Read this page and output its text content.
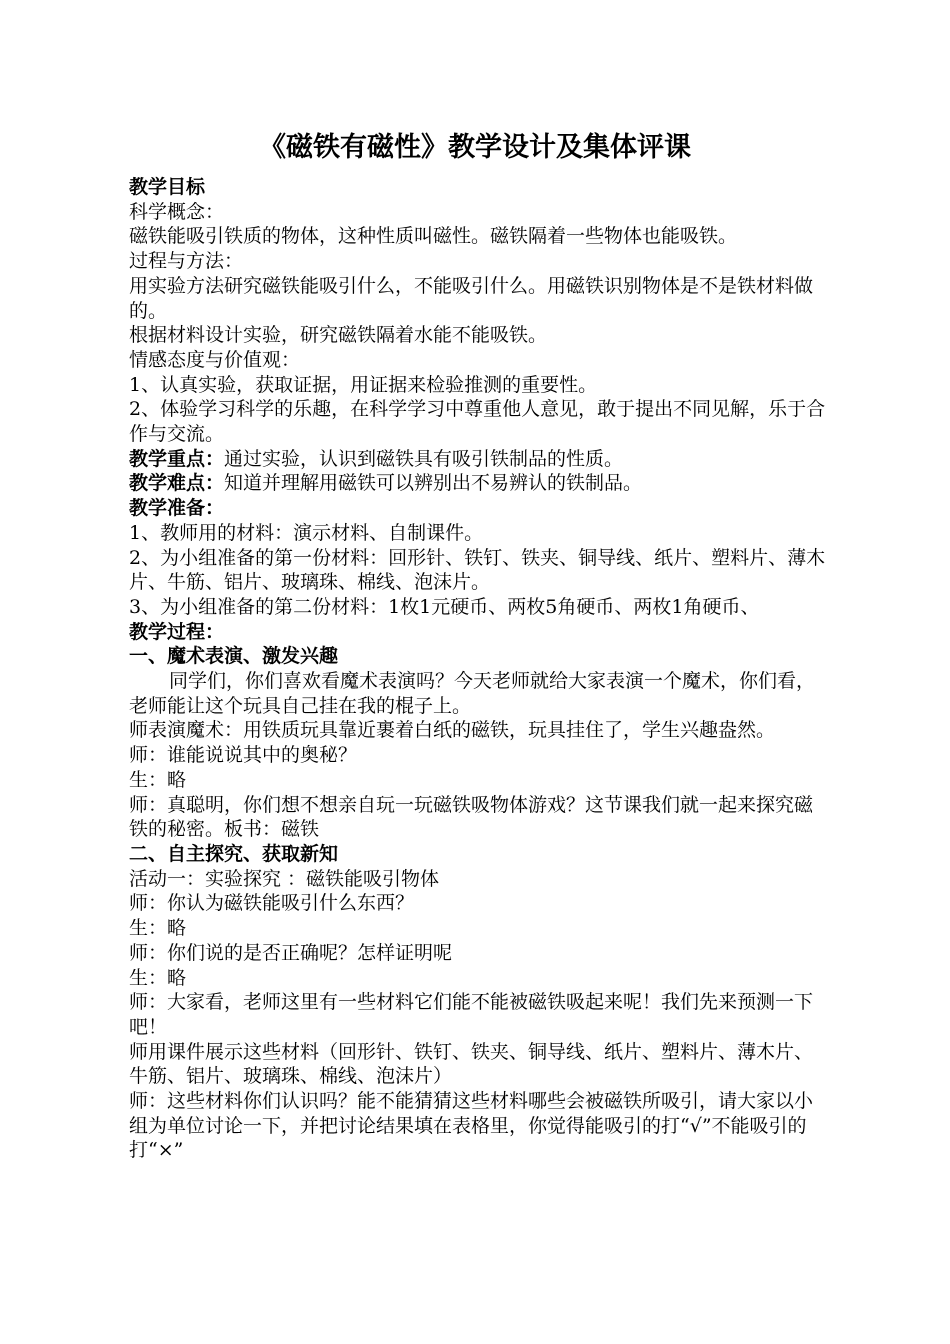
《磁铁有磁性》教学设计及集体评课

教学目标

科学概念：

磁铁能吸引铁质的物体，这种性质叫磁性。磁铁隔着一些物体也能吸铁。

过程与方法：

用实验方法研究磁铁能吸引什么，不能吸引什么。用磁铁识别物体是不是铁材料做的。

根据材料设计实验，研究磁铁隔着水能不能吸铁。

情感态度与价值观：

1、认真实验，获取证据，用证据来检验推测的重要性。

2、体验学习科学的乐趣，在科学学习中尊重他人意见，敢于提出不同见解，乐于合作与交流。

教学重点：通过实验，认识到磁铁具有吸引铁制品的性质。

教学难点：知道并理解用磁铁可以辨别出不易辨认的铁制品。

教学准备：

1、教师用的材料：演示材料、自制课件。

2、为小组准备的第一份材料：回形针、铁钉、铁夹、铜导线、纸片、塑料片、薄木片、牛筋、铝片、玻璃珠、棉线、泡沫片。

3、为小组准备的第二份材料：1枚1元硬币、两枚5角硬币、两枚1角硬币、

教学过程：

一、魔术表演、激发兴趣

同学们，你们喜欢看魔术表演吗？今天老师就给大家表演一个魔术，你们看，老师能让这个玩具自己挂在我的棍子上。

师表演魔术：用铁质玩具靠近裹着白纸的磁铁，玩具挂住了，学生兴趣盎然。

师：谁能说说其中的奥秘？

生：略

师：真聪明，你们想不想亲自玩一玩磁铁吸物体游戏？这节课我们就一起来探究磁铁的秘密。板书：磁铁

二、自主探究、获取新知

活动一：实验探究 ：磁铁能吸引物体

师：你认为磁铁能吸引什么东西？

生：略

师：你们说的是否正确呢？怎样证明呢

生：略

师：大家看，老师这里有一些材料它们能不能被磁铁吸起来呢！我们先来预测一下吧！

师用课件展示这些材料（回形针、铁钉、铁夹、铜导线、纸片、塑料片、薄木片、牛筋、铝片、玻璃珠、棉线、泡沫片）

师：这些材料你们认识吗？能不能猜猜这些材料哪些会被磁铁所吸引，请大家以小组为单位讨论一下，并把讨论结果填在表格里，你觉得能吸引的打“√”不能吸引的打“×”
